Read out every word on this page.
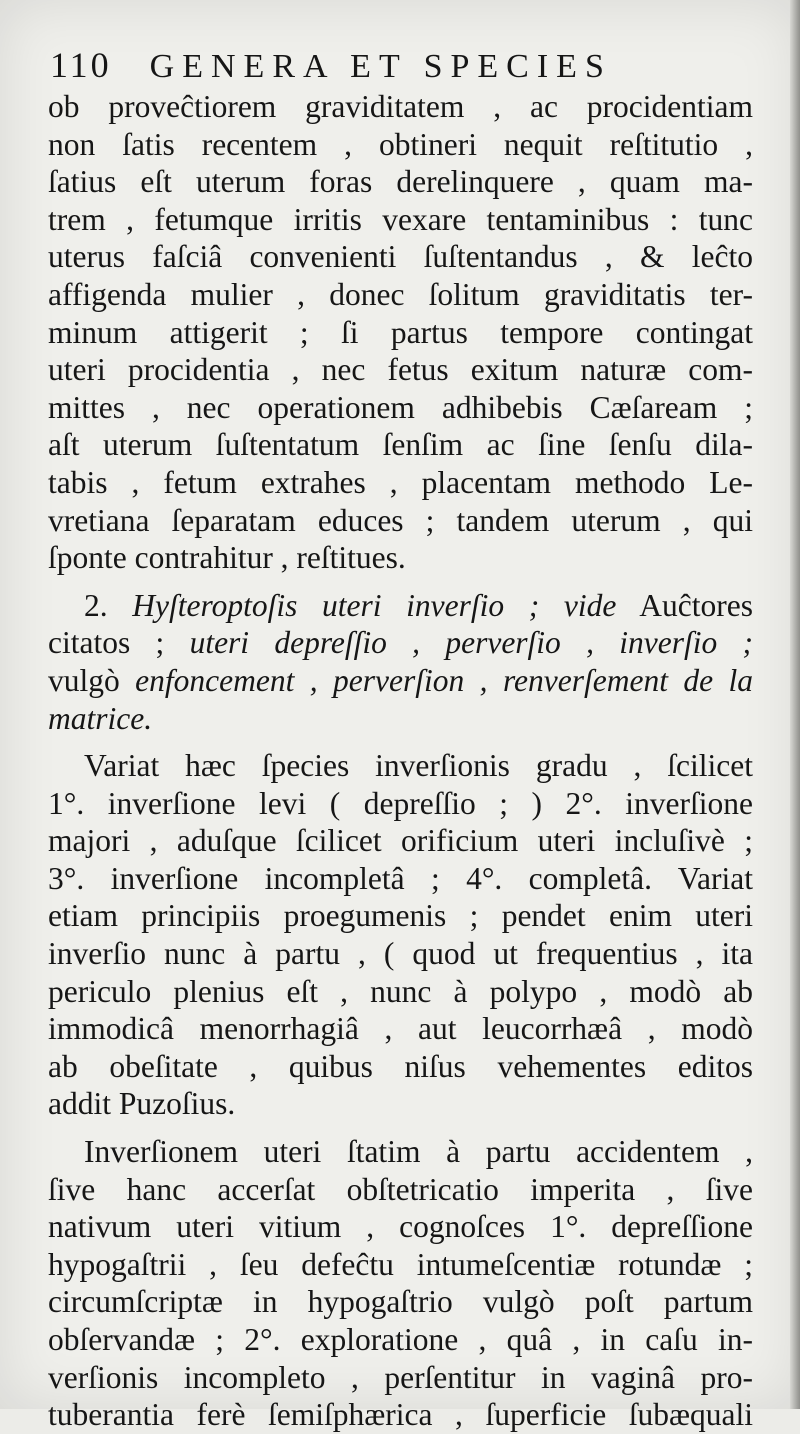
110 GENERA ET SPECIES
ob proveĉtiorem graviditatem , ac procidentiam
non ſatis recentem , obtineri nequit reſtitutio ,
ſatius eſt uterum foras derelinquere , quam ma-
trem , fetumque irritis vexare tentaminibus : tunc
uterus faſciâ convenienti ſuſtentandus , & leĉto
affigenda mulier , donec ſolitum graviditatis ter-
minum attigerit ; ſi partus tempore contingat
uteri procidentia , nec fetus exitum naturæ com-
mittes , nec operationem adhibebis Cæſaream ;
aſt uterum ſuſtentatum ſenſim ac ſine ſenſu dila-
tabis , fetum extrahes , placentam methodo Le-
vretiana ſeparatam educes ; tandem uterum , qui
ſponte contrahitur , reſtitues.
2. Hyſteroptoſis uteri inverſio ; vide Auĉtores
citatos ; uteri depreſſio , perverſio , inverſio ;
vulgò enfoncement , perverſion , renverſement de la
matrice.
Variat hæc ſpecies inverſionis gradu , ſcilicet
1°. inverſione levi ( depreſſio ; ) 2°. inverſione
majori , aduſque ſcilicet orificium uteri incluſivè ;
3°. inverſione incompletâ ; 4°. completâ. Variat
etiam principiis proegumenis ; pendet enim uteri
inverſio nunc à partu , ( quod ut frequentius , ita
periculo plenius eſt , nunc à polypo , modò ab
immodicâ menorrhagiâ , aut leucorrhæâ , modò
ab obeſitate , quibus niſus vehementes editos
addit Puzoſius.
Inverſionem uteri ſtatim à partu accidentem ,
ſive hanc accerſat obſtetricatio imperita , ſive
nativum uteri vitium , cognoſces 1°. depreſſione
hypogaſtrii , ſeu defeĉtu intumeſcentiæ rotundæ ;
circumſcriptæ in hypogaſtrio vulgò poſt partum
obſervandæ ; 2°. exploratione , quâ , in caſu in-
verſionis incompleto , perſentitur in vaginâ pro-
tuberantia ferè ſemiſphærica , ſuperficie ſubæquali
